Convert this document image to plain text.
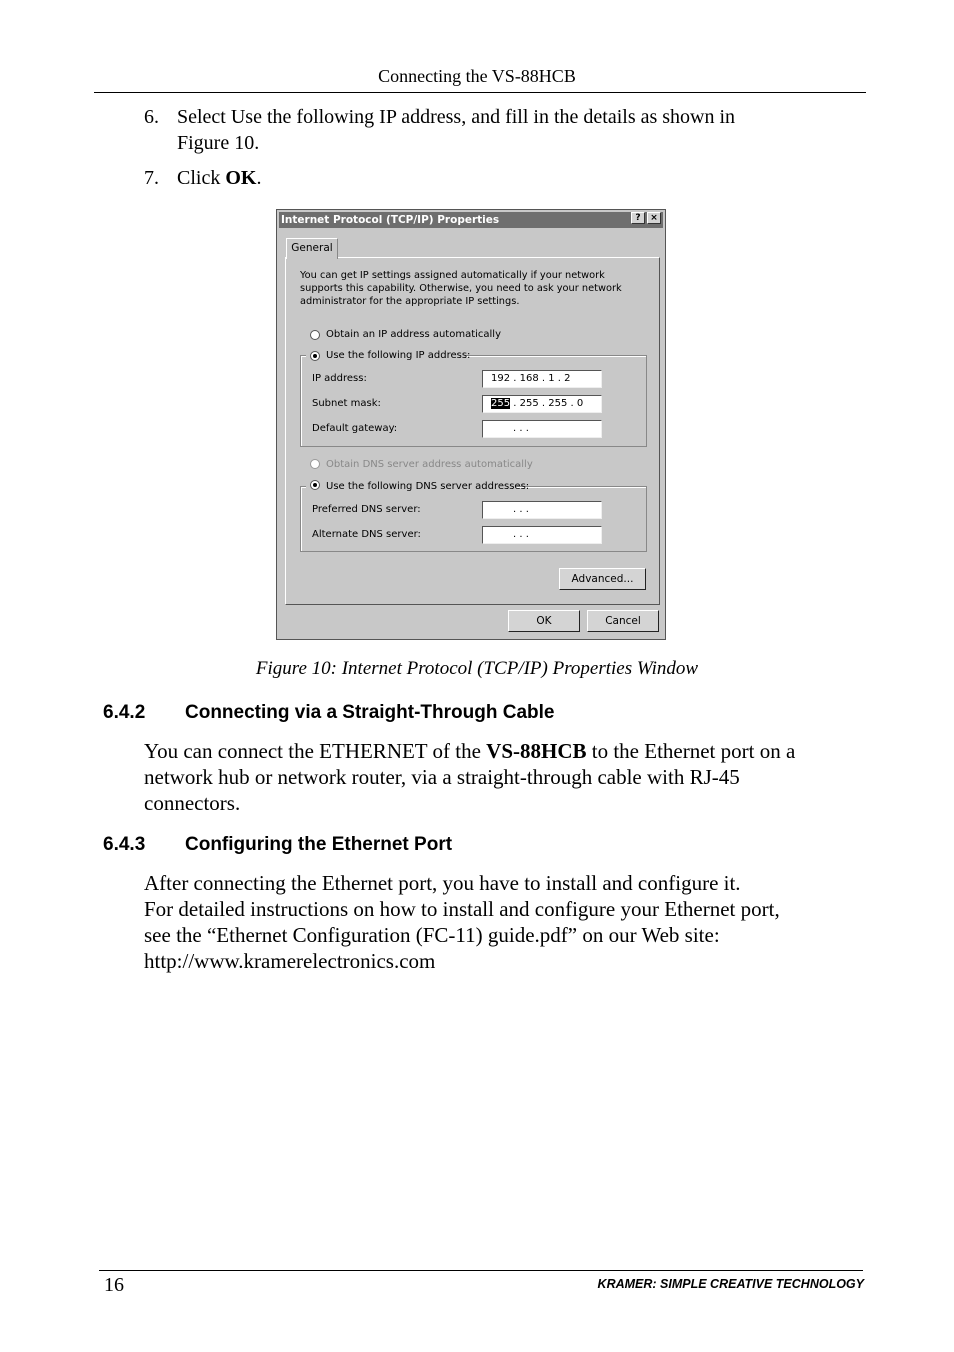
Connecting the VS-88HCB
6. Select Use the following IP address, and fill in the details as shown in
Figure 10.
7. Click OK.
Internet Protocol (TCP/IP) Properties	?	×
General
You can get IP settings assigned automatically if your network supports this capability. Otherwise, you need to ask your network administrator for the appropriate IP settings.
Obtain an IP address automatically
Use the following IP address:
IP address:	192 . 168 . 1 . 2
Subnet mask:	255 . 255 . 255 . 0
Default gateway:	. . .
Obtain DNS server address automatically
Use the following DNS server addresses:
Preferred DNS server:	. . .
Alternate DNS server:	. . .
Advanced...
OK	Cancel
Figure 10: Internet Protocol (TCP/IP) Properties Window
6.4.2 Connecting via a Straight-Through Cable
You can connect the ETHERNET of the VS-88HCB to the Ethernet port on a
network hub or network router, via a straight-through cable with RJ-45
connectors.
6.4.3 Configuring the Ethernet Port
After connecting the Ethernet port, you have to install and configure it.
For detailed instructions on how to install and configure your Ethernet port,
see the “Ethernet Configuration (FC-11) guide.pdf” on our Web site:
http://www.kramerelectronics.com
16	KRAMER: SIMPLE CREATIVE TECHNOLOGY
